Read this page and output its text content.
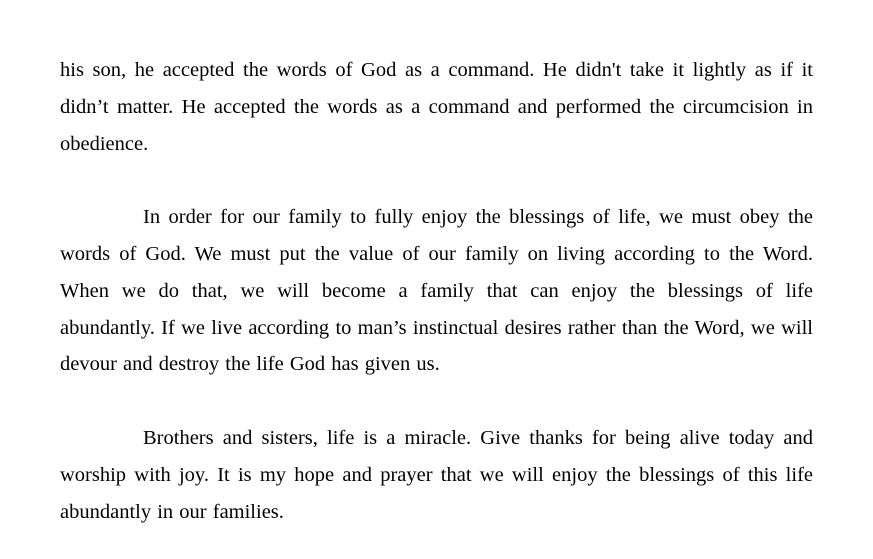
his son, he accepted the words of God as a command. He didn't take it lightly as if it didn’t matter. He accepted the words as a command and performed the circumcision in obedience.

In order for our family to fully enjoy the blessings of life, we must obey the words of God. We must put the value of our family on living according to the Word. When we do that, we will become a family that can enjoy the blessings of life abundantly. If we live according to man’s instinctual desires rather than the Word, we will devour and destroy the life God has given us.

Brothers and sisters, life is a miracle. Give thanks for being alive today and worship with joy. It is my hope and prayer that we will enjoy the blessings of this life abundantly in our families.
